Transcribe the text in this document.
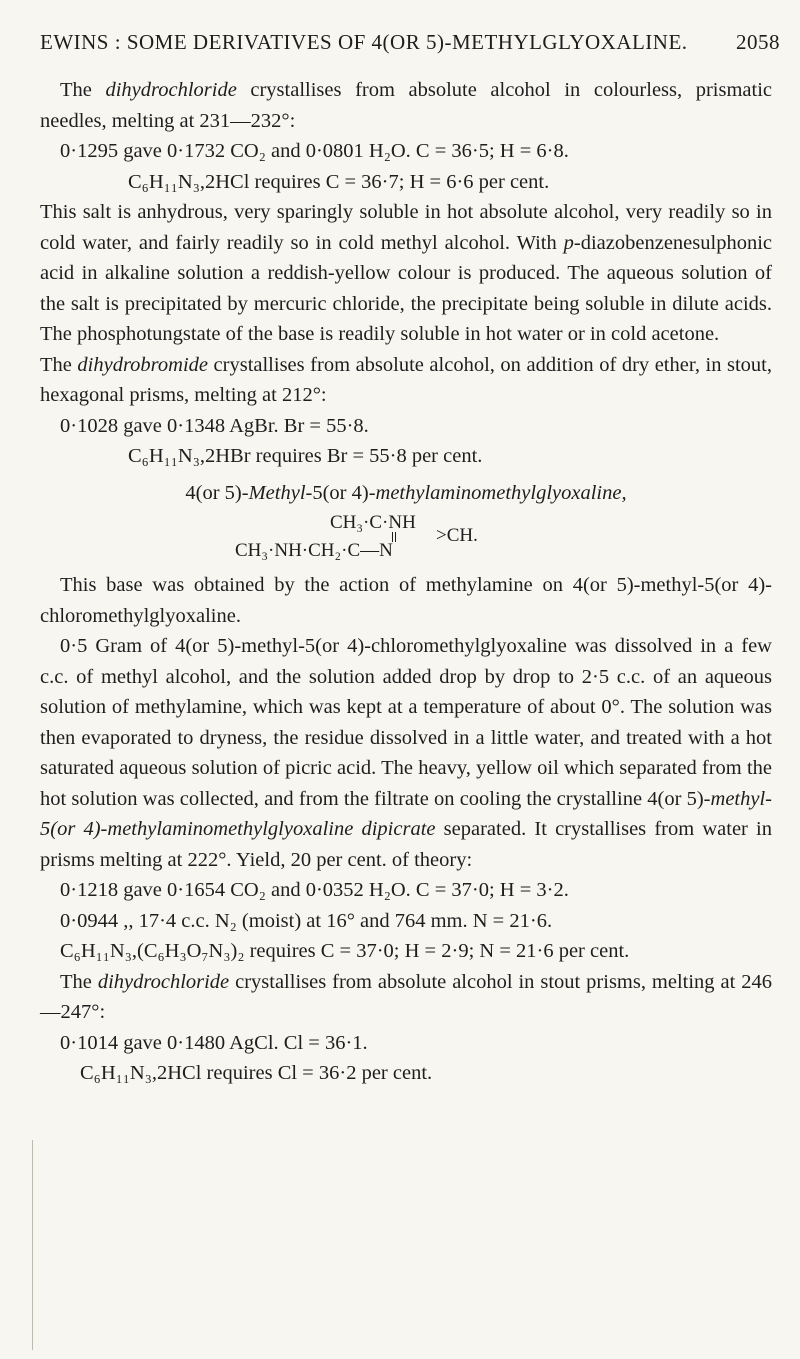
EWINS : SOME DERIVATIVES OF 4(OR 5)-METHYLGLYOXALINE. 2058

The dihydrochloride crystallises from absolute alcohol in colourless, prismatic needles, melting at 231—232°:

0·1295 gave 0·1732 CO₂ and 0·0801 H₂O. C = 36·5; H = 6·8.
C₆H₁₁N₃,2HCl requires C = 36·7; H = 6·6 per cent.

This salt is anhydrous, very sparingly soluble in hot absolute alcohol, very readily so in cold water, and fairly readily so in cold methyl alcohol. With p-diazobenzenesulphonic acid in alkaline solution a reddish-yellow colour is produced. The aqueous solution of the salt is precipitated by mercuric chloride, the precipitate being soluble in dilute acids. The phosphotungstate of the base is readily soluble in hot water or in cold acetone.

The dihydrobromide crystallises from absolute alcohol, on addition of dry ether, in stout, hexagonal prisms, melting at 212°:

0·1028 gave 0·1348 AgBr. Br = 55·8.
C₆H₁₁N₃,2HBr requires Br = 55·8 per cent.
4(or 5)-Methyl-5(or 4)-methylaminomethylglyoxaline,
CH₃·C·NH
CH₃·NH·CH₂·C—N
>CH.

This base was obtained by the action of methylamine on 4(or 5)-methyl-5(or 4)-chloromethylglyoxaline.

0·5 Gram of 4(or 5)-methyl-5(or 4)-chloromethylglyoxaline was dissolved in a few c.c. of methyl alcohol, and the solution added drop by drop to 2·5 c.c. of an aqueous solution of methylamine, which was kept at a temperature of about 0°. The solution was then evaporated to dryness, the residue dissolved in a little water, and treated with a hot saturated aqueous solution of picric acid. The heavy, yellow oil which separated from the hot solution was collected, and from the filtrate on cooling the crystalline 4(or 5)-methyl-5(or 4)-methylaminomethylglyoxaline dipicrate separated. It crystallises from water in prisms melting at 222°. Yield, 20 per cent. of theory:

0·1218 gave 0·1654 CO₂ and 0·0352 H₂O. C = 37·0; H = 3·2.
0·0944 ,, 17·4 c.c. N₂ (moist) at 16° and 764 mm. N = 21·6.
C₆H₁₁N₃,(C₆H₃O₇N₃)₂ requires C = 37·0; H = 2·9; N = 21·6 per cent.

The dihydrochloride crystallises from absolute alcohol in stout prisms, melting at 246—247°:

0·1014 gave 0·1480 AgCl. Cl = 36·1.
C₆H₁₁N₃,2HCl requires Cl = 36·2 per cent.
